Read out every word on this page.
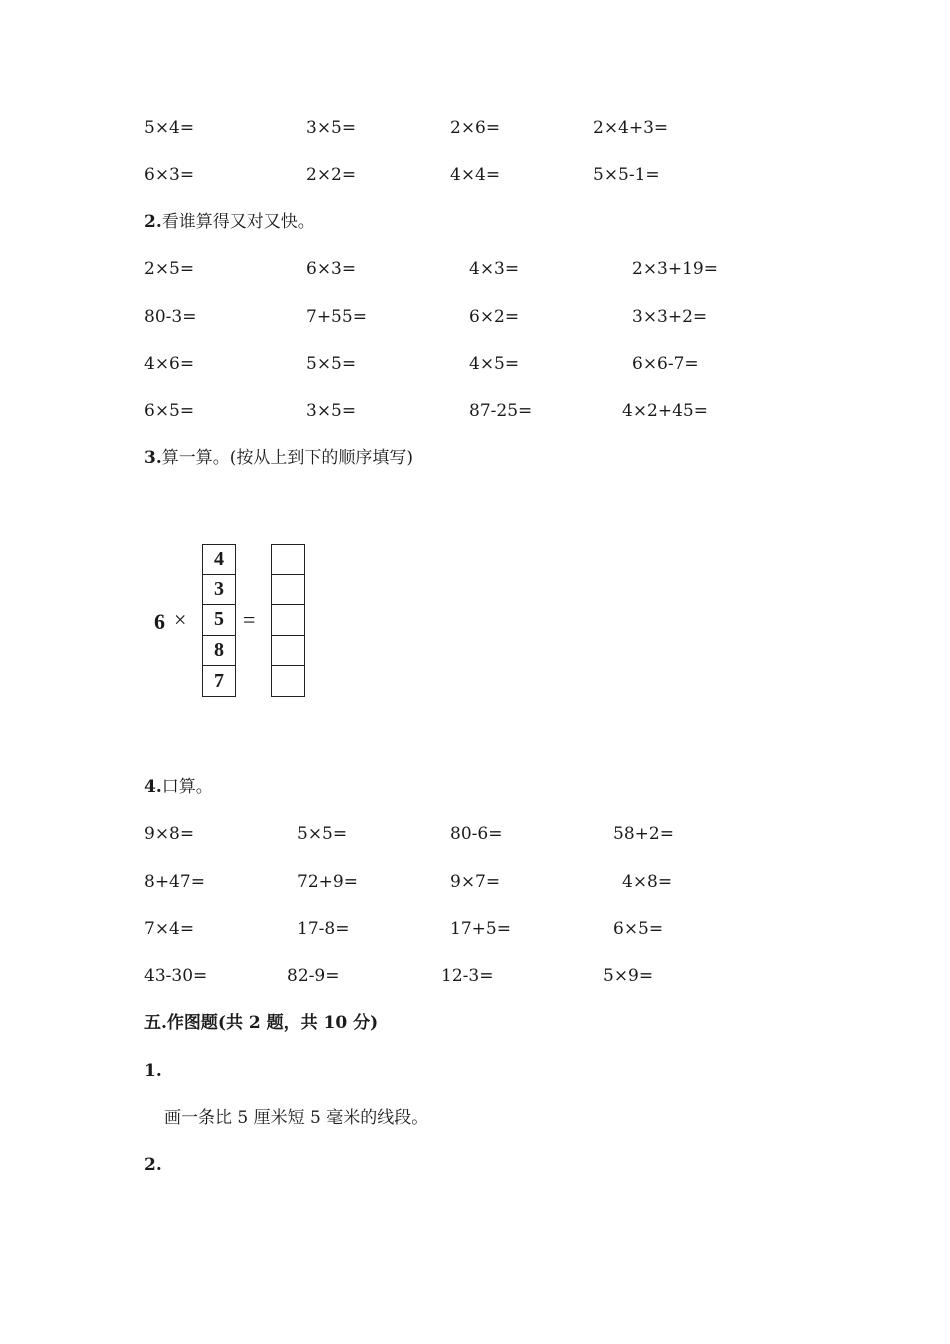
5×4=	3×5=	2×6=	2×4+3=
6×3=	2×2=	4×4=	5×5-1=
2.看谁算得又对又快。
2×5=	6×3=	4×3=	2×3+19=
80-3=	7+55=	6×2=	3×3+2=
4×6=	5×5=	4×5=	6×6-7=
6×5=	3×5=	87-25=	4×2+45=
3.算一算。(按从上到下的顺序填写)
6 ×
4
3
5
8
7
=
4.口算。
9×8=	5×5=	80-6=	58+2=
8+47=	72+9=	9×7=	4×8=
7×4=	17-8=	17+5=	6×5=
43-30=	82-9=	12-3=	5×9=
五.作图题(共 2 题，共 10 分)
1.
画一条比 5 厘米短 5 毫米的线段。
2.
